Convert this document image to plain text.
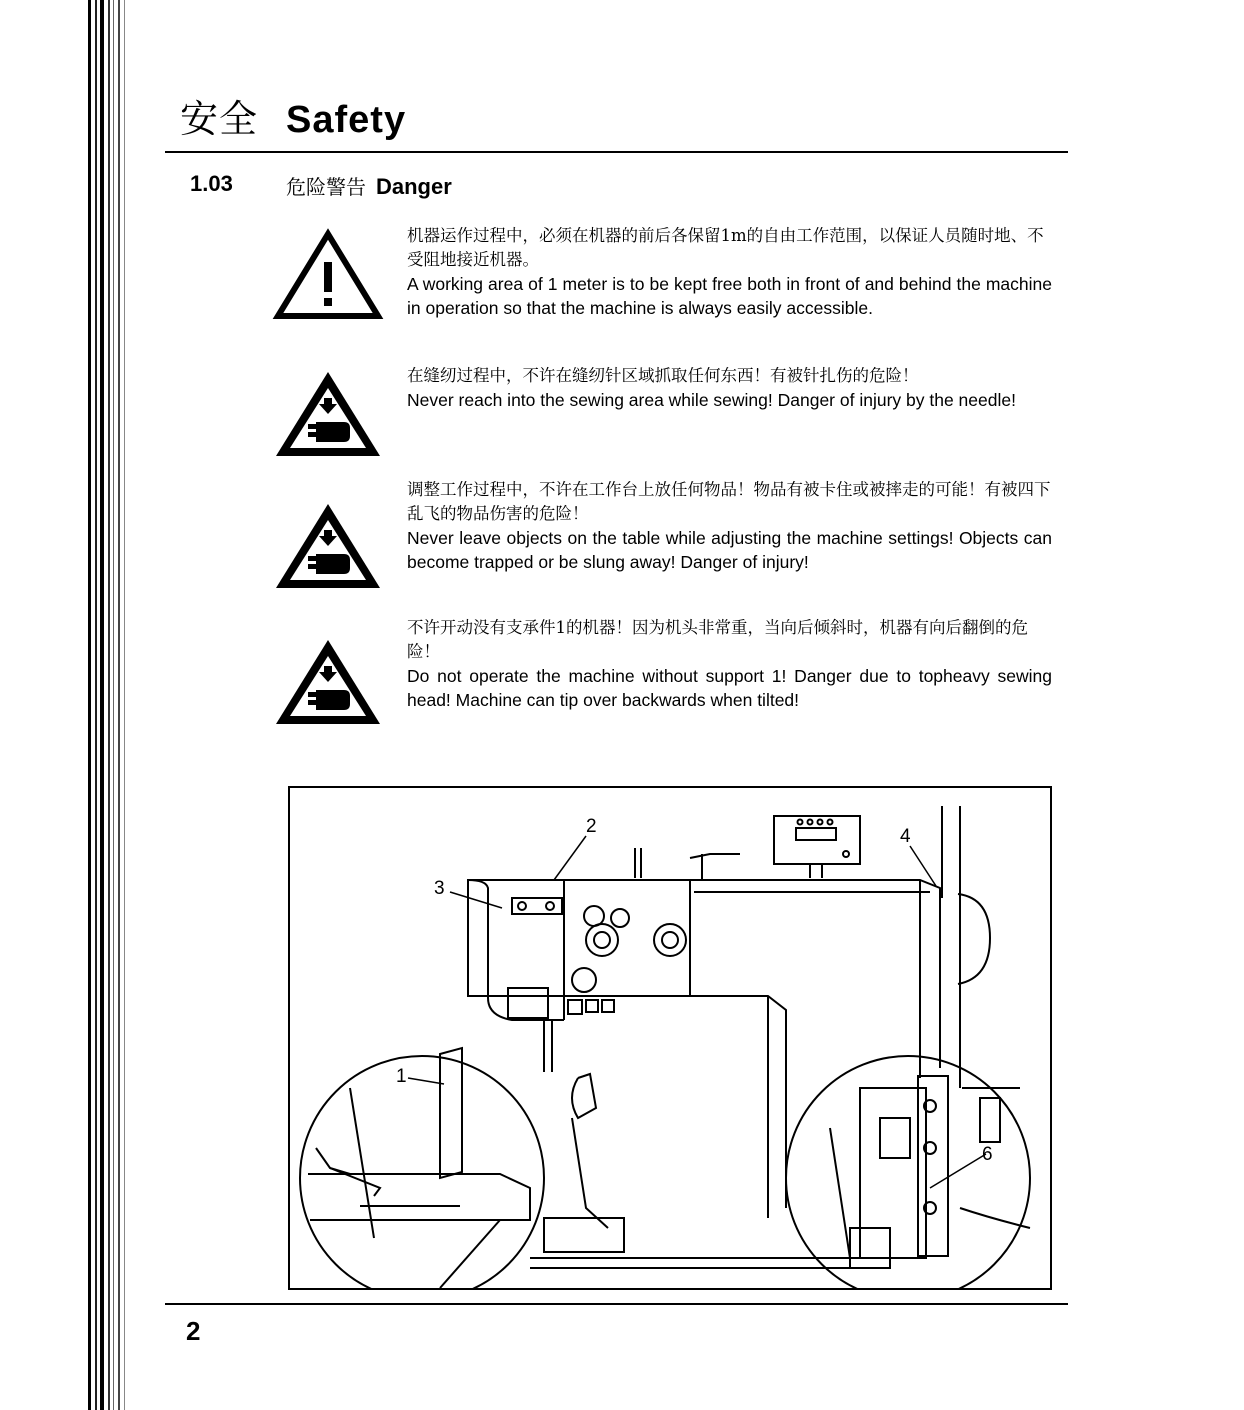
安全 Safety
1.03	危险警告 Danger
机器运作过程中，必须在机器的前后各保留1m的自由工作范围，以保证人员随时地、不受阻地接近机器。
A working area of 1 meter is to be kept free both in front of and behind the machine in operation so that the machine is always easily accessible.
在缝纫过程中，不许在缝纫针区域抓取任何东西！有被针扎伤的危险！
Never reach into the sewing area while sewing! Danger of injury by the needle!
调整工作过程中，不许在工作台上放任何物品！物品有被卡住或被摔走的可能！有被四下乱飞的物品伤害的危险！
Never leave objects on the table while adjusting the machine settings! Objects can become trapped or be slung away! Danger of injury!
不许开动没有支承件1的机器！因为机头非常重，当向后倾斜时，机器有向后翻倒的危险！
Do not operate the machine without support 1! Danger due to topheavy sewing head! Machine can tip over backwards when tilted!
2
3
4
1
6
2
